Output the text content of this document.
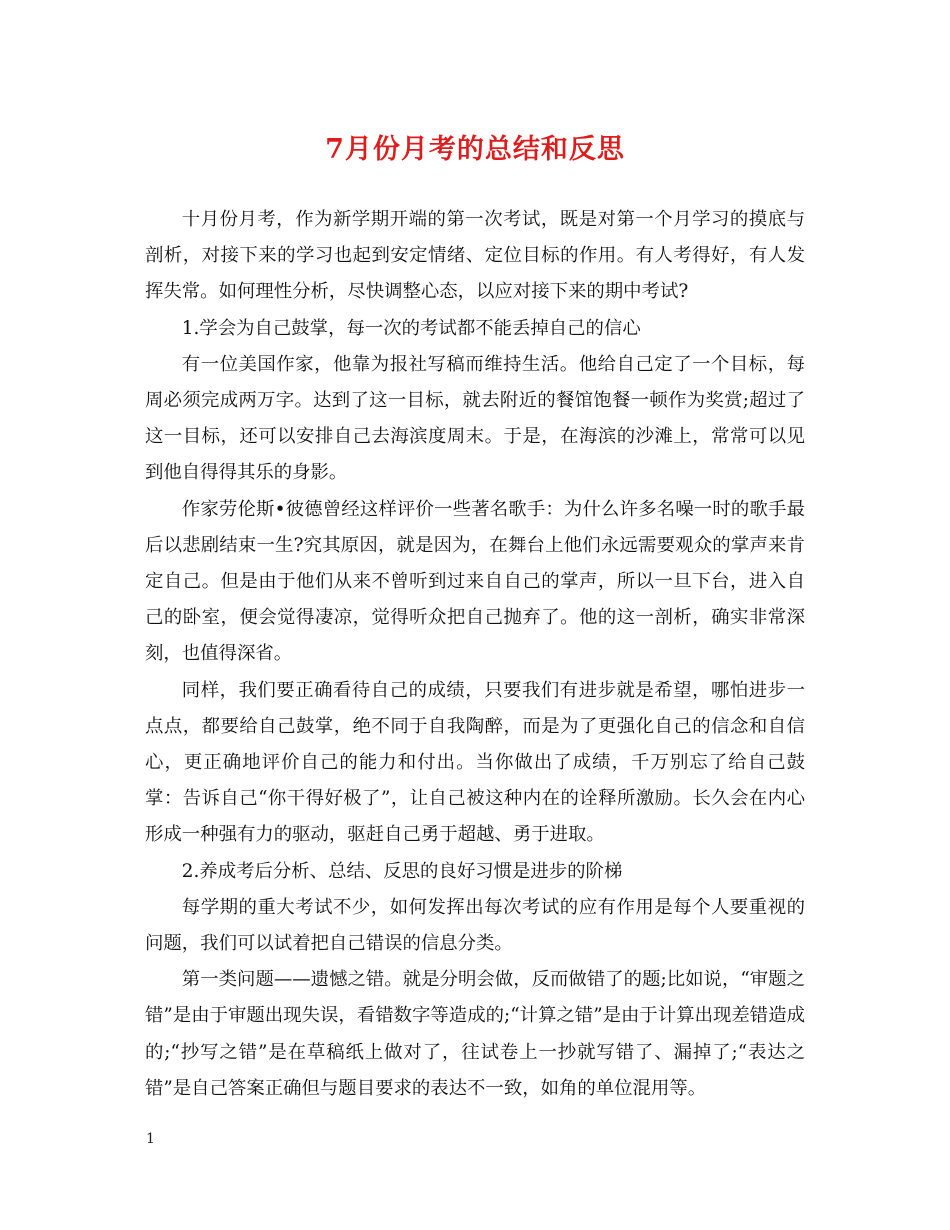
7月份月考的总结和反思

十月份月考，作为新学期开端的第一次考试，既是对第一个月学习的摸底与剖析，对接下来的学习也起到安定情绪、定位目标的作用。有人考得好，有人发挥失常。如何理性分析，尽快调整心态，以应对接下来的期中考试?

1.学会为自己鼓掌，每一次的考试都不能丢掉自己的信心

有一位美国作家，他靠为报社写稿而维持生活。他给自己定了一个目标，每周必须完成两万字。达到了这一目标，就去附近的餐馆饱餐一顿作为奖赏;超过了这一目标，还可以安排自己去海滨度周末。于是，在海滨的沙滩上，常常可以见到他自得得其乐的身影。

作家劳伦斯•彼德曾经这样评价一些著名歌手：为什么许多名噪一时的歌手最后以悲剧结束一生?究其原因，就是因为，在舞台上他们永远需要观众的掌声来肯定自己。但是由于他们从来不曾听到过来自自己的掌声，所以一旦下台，进入自己的卧室，便会觉得凄凉，觉得听众把自己抛弃了。他的这一剖析，确实非常深刻，也值得深省。

同样，我们要正确看待自己的成绩，只要我们有进步就是希望，哪怕进步一点点，都要给自己鼓掌，绝不同于自我陶醉，而是为了更强化自己的信念和自信心，更正确地评价自己的能力和付出。当你做出了成绩，千万别忘了给自己鼓掌：告诉自己“你干得好极了”，让自己被这种内在的诠释所激励。长久会在内心形成一种强有力的驱动，驱赶自己勇于超越、勇于进取。

2.养成考后分析、总结、反思的良好习惯是进步的阶梯

每学期的重大考试不少，如何发挥出每次考试的应有作用是每个人要重视的问题，我们可以试着把自己错误的信息分类。

第一类问题——遗憾之错。就是分明会做，反而做错了的题;比如说，“审题之错”是由于审题出现失误，看错数字等造成的;“计算之错”是由于计算出现差错造成的;“抄写之错”是在草稿纸上做对了，往试卷上一抄就写错了、漏掉了;“表达之错”是自己答案正确但与题目要求的表达不一致，如角的单位混用等。

1
